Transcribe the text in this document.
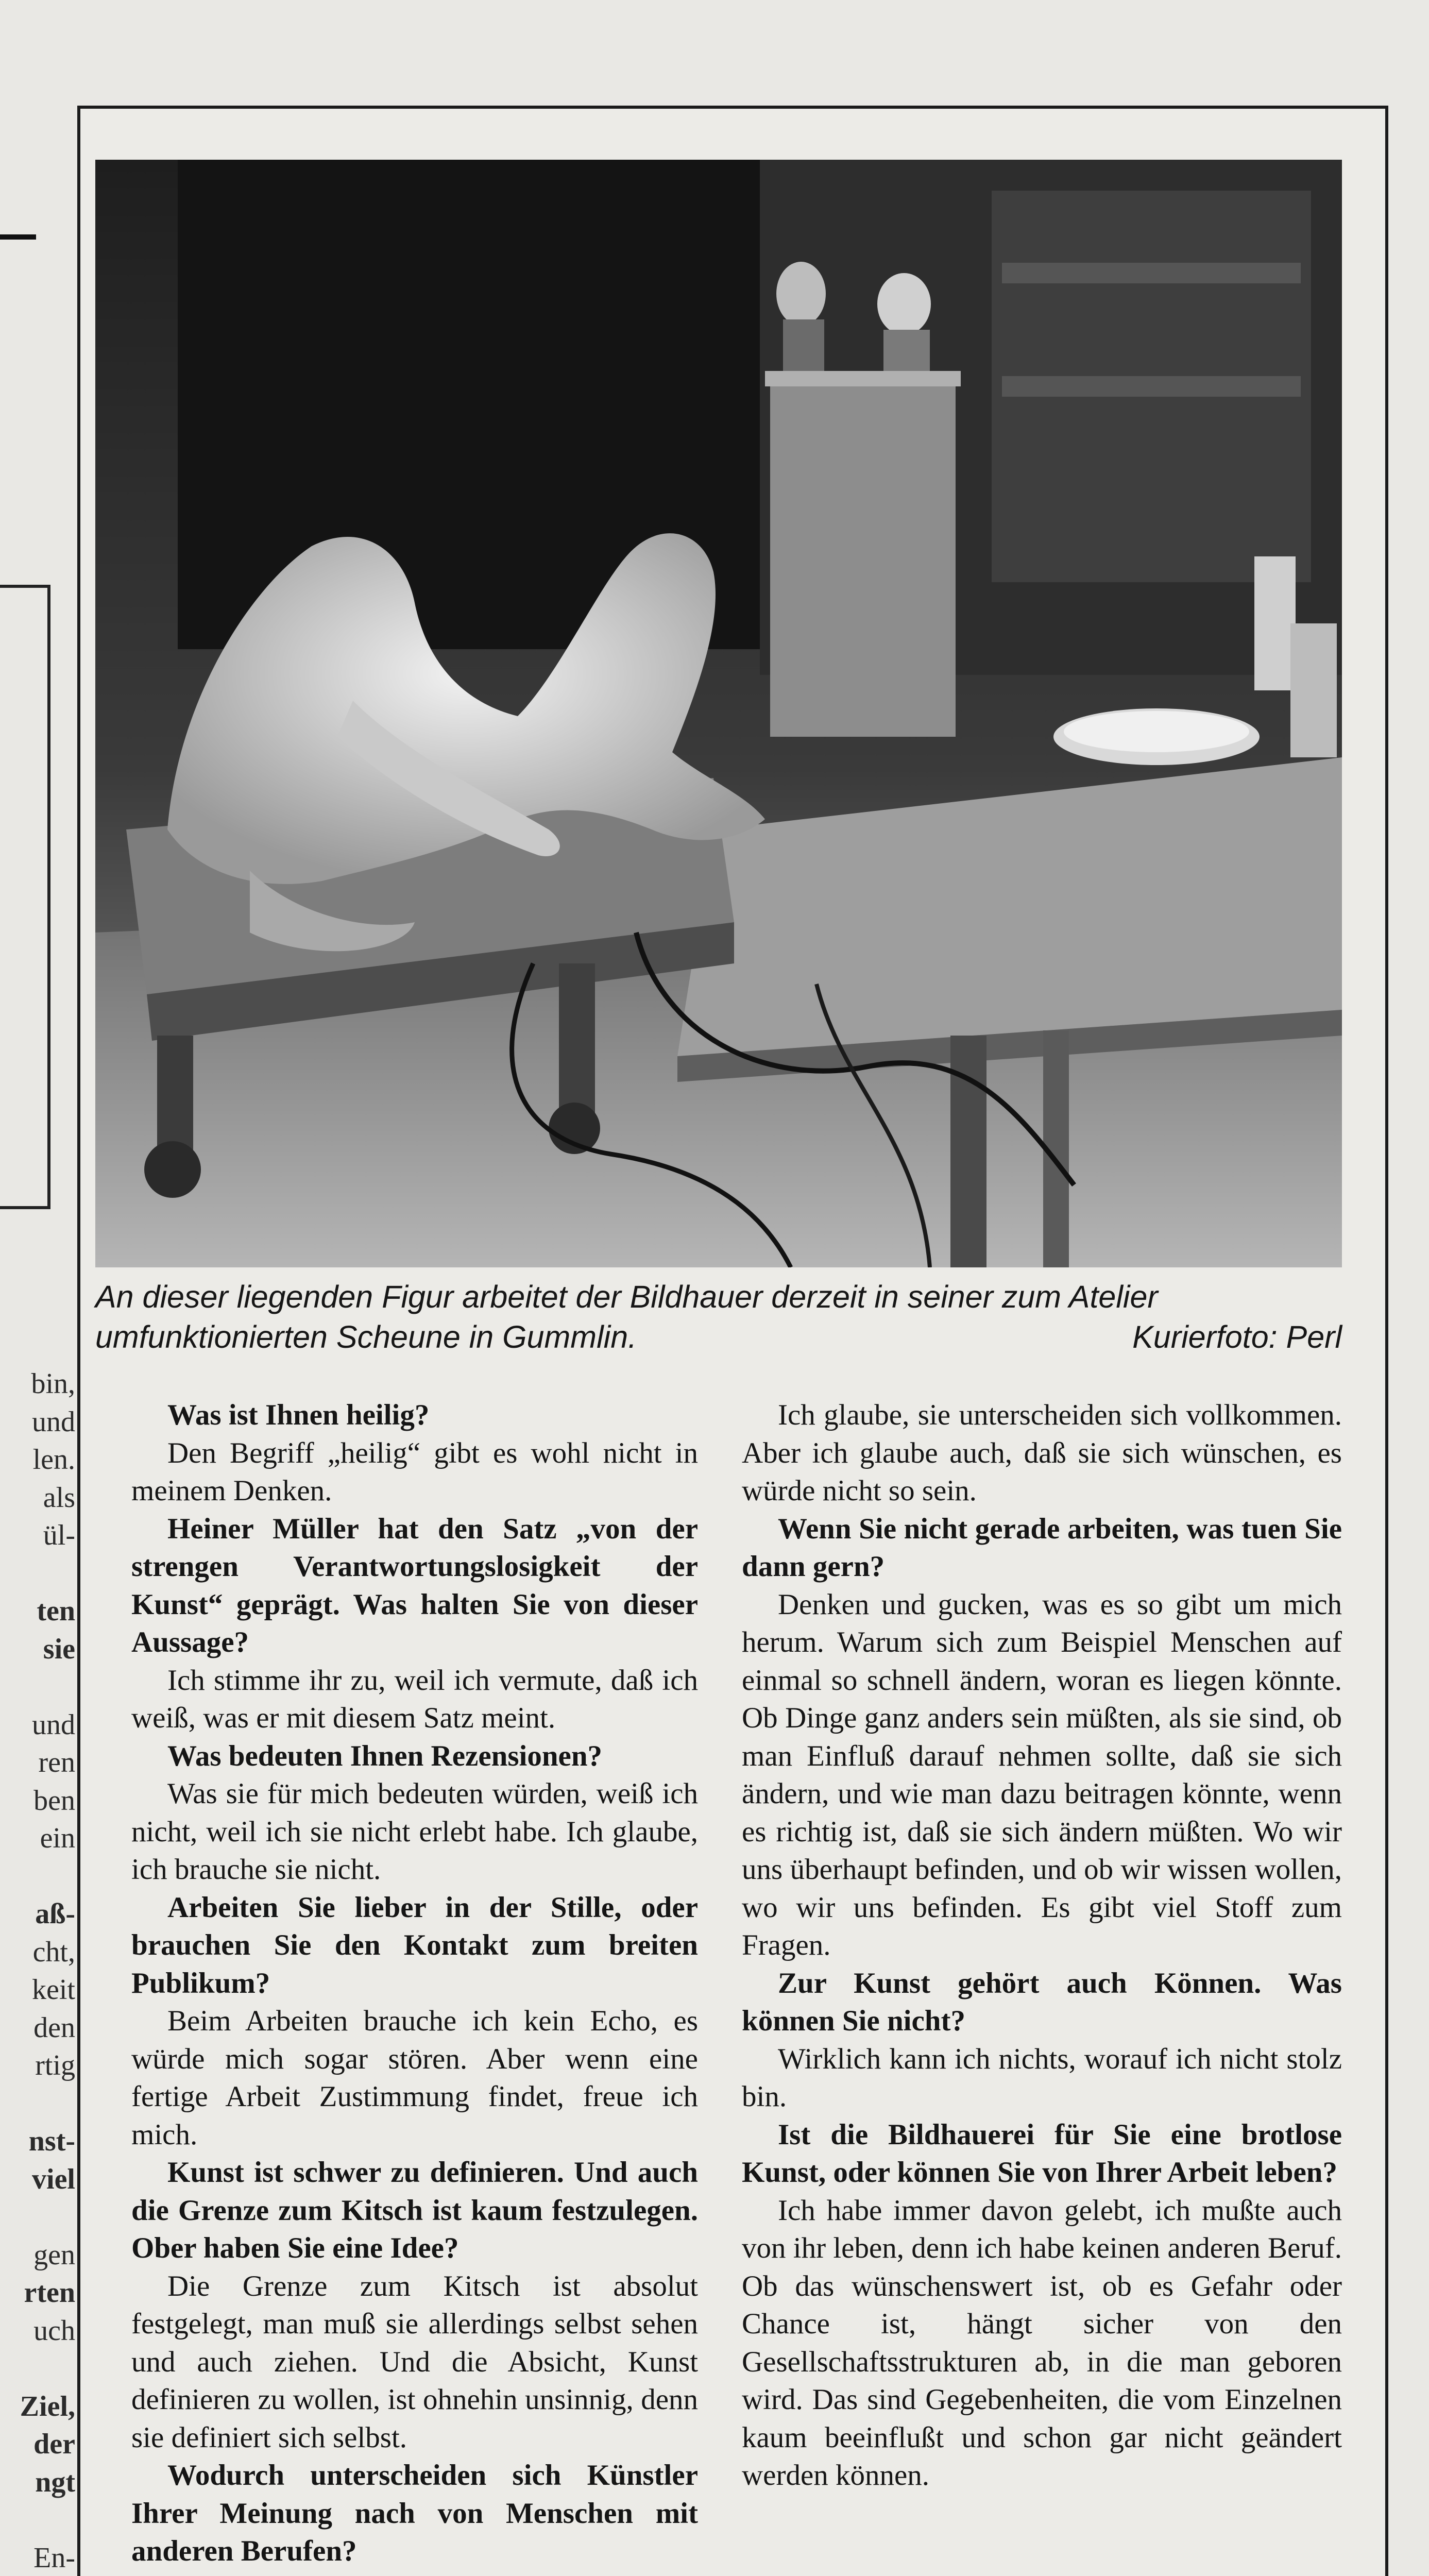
bin,
und
len.
als
ül-

ten
sie

und
ren
ben
ein

aß-
cht,
keit
den
rtig

nst-
viel

gen
rten
uch

Ziel,
der
ngt

En-
An dieser liegenden Figur arbeitet der Bildhauer derzeit in seiner zum Atelier umfunktionierten Scheune in Gummlin.	Kurierfoto: Perl

Was ist Ihnen heilig?

Den Begriff „heilig“ gibt es wohl nicht in meinem Denken.

Heiner Müller hat den Satz „von der strengen Verantwortungslosigkeit der Kunst“ geprägt. Was halten Sie von dieser Aussage?

Ich stimme ihr zu, weil ich vermute, daß ich weiß, was er mit diesem Satz meint.

Was bedeuten Ihnen Rezensionen?

Was sie für mich bedeuten würden, weiß ich nicht, weil ich sie nicht erlebt habe. Ich glaube, ich brauche sie nicht.

Arbeiten Sie lieber in der Stille, oder brauchen Sie den Kontakt zum breiten Publikum?

Beim Arbeiten brauche ich kein Echo, es würde mich sogar stören. Aber wenn eine fertige Arbeit Zustimmung findet, freue ich mich.

Kunst ist schwer zu definieren. Und auch die Grenze zum Kitsch ist kaum festzulegen. Ober haben Sie eine Idee?

Die Grenze zum Kitsch ist absolut festgelegt, man muß sie allerdings selbst sehen und auch ziehen. Und die Absicht, Kunst definieren zu wollen, ist ohnehin unsinnig, denn sie definiert sich selbst.

Wodurch unterscheiden sich Künstler Ihrer Meinung nach von Menschen mit anderen Berufen?

Ich glaube, sie unterscheiden sich vollkommen. Aber ich glaube auch, daß sie sich wünschen, es würde nicht so sein.

Wenn Sie nicht gerade arbeiten, was tuen Sie dann gern?

Denken und gucken, was es so gibt um mich herum. Warum sich zum Beispiel Menschen auf einmal so schnell ändern, woran es liegen könnte. Ob Dinge ganz anders sein müßten, als sie sind, ob man Einfluß darauf nehmen sollte, daß sie sich ändern, und wie man dazu beitragen könnte, wenn es richtig ist, daß sie sich ändern müßten. Wo wir uns überhaupt befinden, und ob wir wissen wollen, wo wir uns befinden. Es gibt viel Stoff zum Fragen.

Zur Kunst gehört auch Können. Was können Sie nicht?

Wirklich kann ich nichts, worauf ich nicht stolz bin.

Ist die Bildhauerei für Sie eine brotlose Kunst, oder können Sie von Ihrer Arbeit leben?

Ich habe immer davon gelebt, ich mußte auch von ihr leben, denn ich habe keinen anderen Beruf. Ob das wünschenswert ist, ob es Gefahr oder Chance ist, hängt sicher von den Gesellschaftsstrukturen ab, in die man geboren wird. Das sind Gegebenheiten, die vom Einzelnen kaum beeinflußt und schon gar nicht geändert werden können.
